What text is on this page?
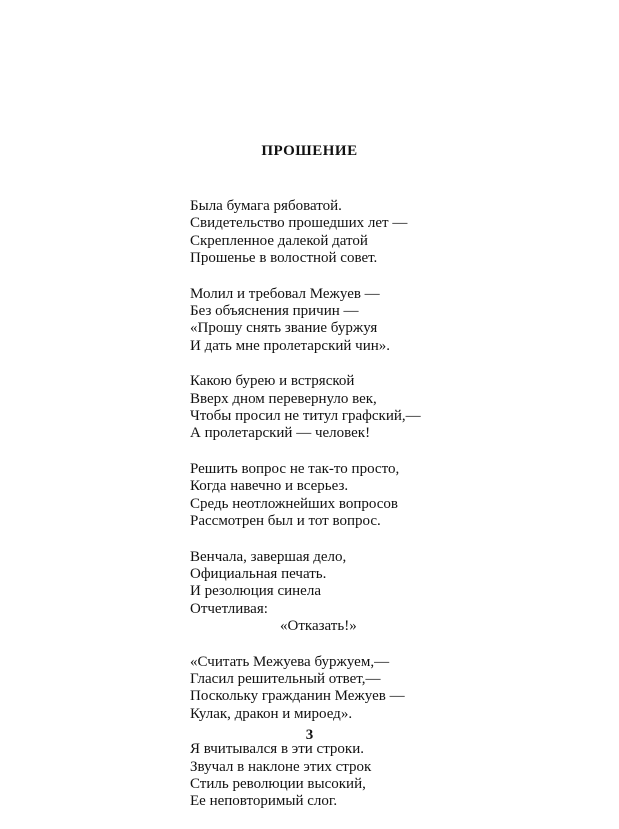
ПРОШЕНИЕ
Была бумага рябоватой.
Свидетельство прошедших лет —
Скрепленное далекой датой
Прошенье в волостной совет.
Молил и требовал Межуев —
Без объяснения причин —
«Прошу снять звание буржуя
И дать мне пролетарский чин».
Какою бурею и встряской
Вверх дном перевернуло век,
Чтобы просил не титул графский,—
А пролетарский — человек!
Решить вопрос не так-то просто,
Когда навечно и всерьез.
Средь неотложнейших вопросов
Рассмотрен был и тот вопрос.
Венчала, завершая дело,
Официальная печать.
И резолюция синела
Отчетливая:
«Отказать!»
«Считать Межуева буржуем,—
Гласил решительный ответ,—
Поскольку гражданин Межуев —
Кулак, дракон и мироед».
Я вчитывался в эти строки.
Звучал в наклоне этих строк
Стиль революции высокий,
Ее неповторимый слог.
3
